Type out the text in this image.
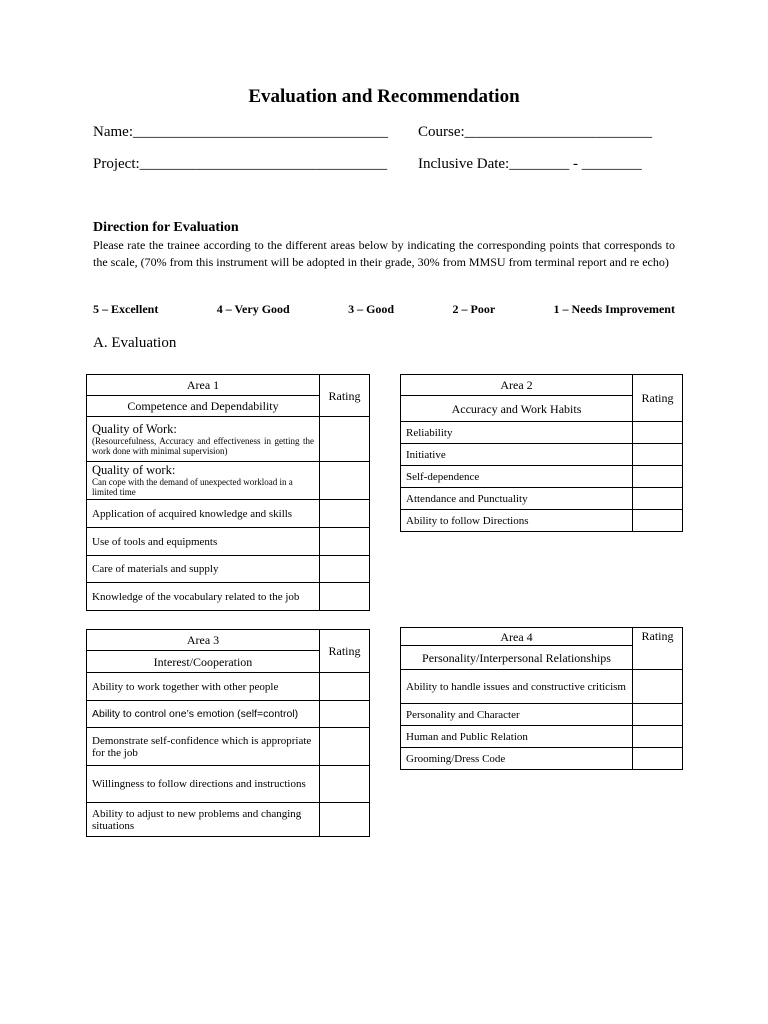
Evaluation and Recommendation
Name:__________________________________ Course:_________________________
Project:_________________________________ Inclusive Date:________ - ________
Direction for Evaluation
Please rate the trainee according to the different areas below by indicating the corresponding points that corresponds to the scale, (70% from this instrument will be adopted in their grade, 30% from MMSU from terminal report and re echo)
5 – Excellent	4 – Very Good	3 – Good	2 – Poor	1 – Needs Improvement
A. Evaluation
Area 1	Rating
Competence and Dependability	
Quality of Work:
(Resourcefulness, Accuracy and effectiveness in getting the work done with minimal supervision)	

Quality of work:
Can cope with the demand of unexpected workload in a limited time	

Application of acquired knowledge and skills	
Use of tools and equipments	
Care of materials and supply	
Knowledge of the vocabulary related to the job	
Area 2	Rating
Accuracy and Work Habits	
Reliability	
Initiative	
Self-dependence	
Attendance and Punctuality	
Ability to follow Directions	
Area 3	Rating
Interest/Cooperation	
Ability to work together with other people	
Ability to control one’s emotion (self=control)	
Demonstrate self-confidence which is appropriate for the job	
Willingness to follow directions and instructions	
Ability to adjust to new problems and changing situations	
Area 4	Rating
Personality/Interpersonal Relationships	
Ability to handle issues and constructive criticism	
Personality and Character	
Human and Public Relation	
Grooming/Dress Code	
